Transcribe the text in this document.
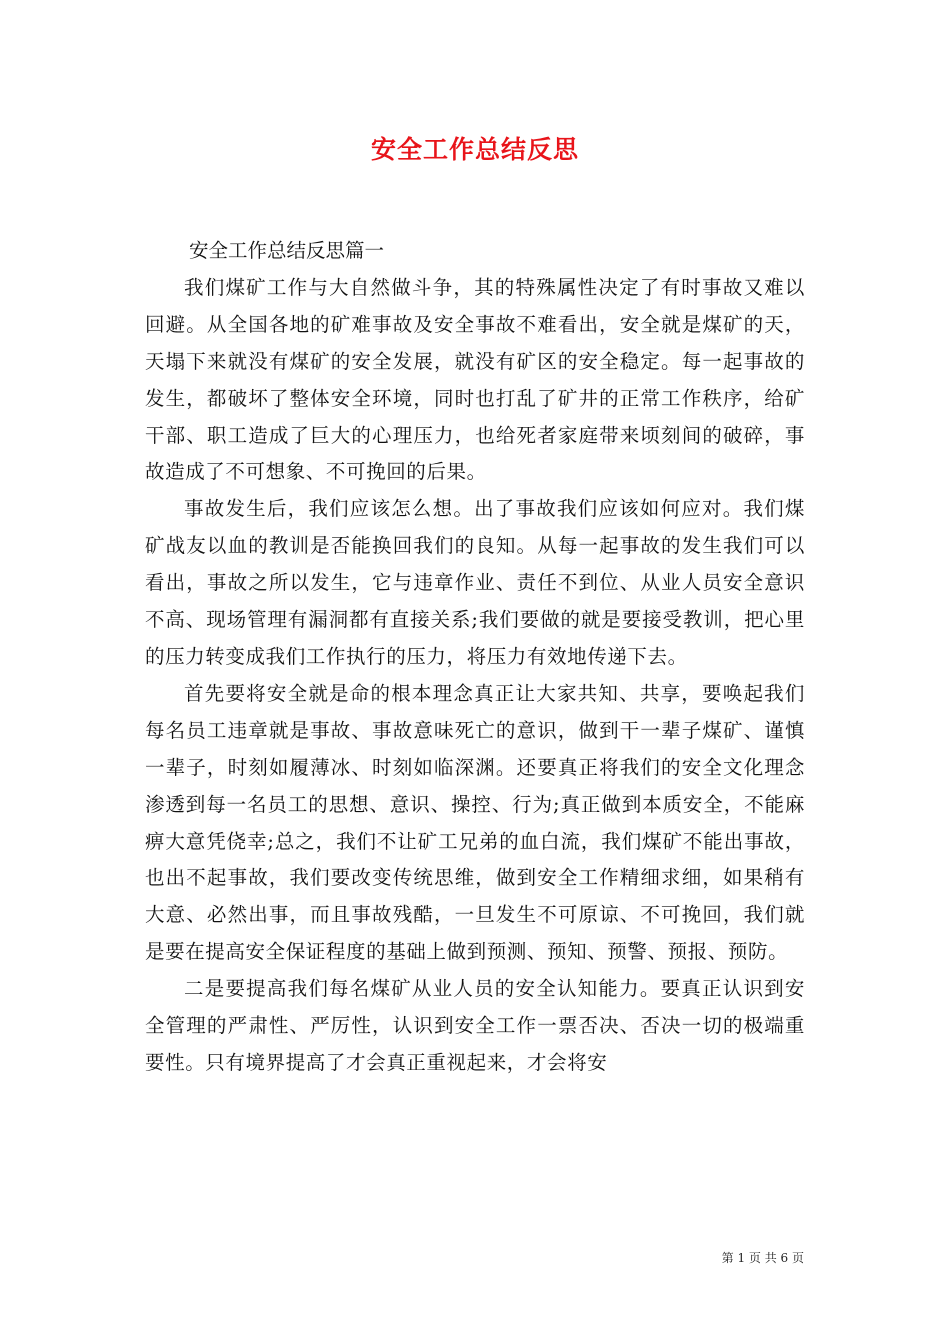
安全工作总结反思

安全工作总结反思篇一

我们煤矿工作与大自然做斗争，其的特殊属性决定了有时事故又难以回避。从全国各地的矿难事故及安全事故不难看出，安全就是煤矿的天，天塌下来就没有煤矿的安全发展，就没有矿区的安全稳定。每一起事故的发生，都破坏了整体安全环境，同时也打乱了矿井的正常工作秩序，给矿干部、职工造成了巨大的心理压力，也给死者家庭带来顷刻间的破碎，事故造成了不可想象、不可挽回的后果。

事故发生后，我们应该怎么想。出了事故我们应该如何应对。我们煤矿战友以血的教训是否能换回我们的良知。从每一起事故的发生我们可以看出，事故之所以发生，它与违章作业、责任不到位、从业人员安全意识不高、现场管理有漏洞都有直接关系;我们要做的就是要接受教训，把心里的压力转变成我们工作执行的压力，将压力有效地传递下去。

首先要将安全就是命的根本理念真正让大家共知、共享，要唤起我们每名员工违章就是事故、事故意味死亡的意识，做到干一辈子煤矿、谨慎一辈子，时刻如履薄冰、时刻如临深渊。还要真正将我们的安全文化理念渗透到每一名员工的思想、意识、操控、行为;真正做到本质安全，不能麻痹大意凭侥幸;总之，我们不让矿工兄弟的血白流，我们煤矿不能出事故，也出不起事故，我们要改变传统思维，做到安全工作精细求细，如果稍有大意、必然出事，而且事故残酷，一旦发生不可原谅、不可挽回，我们就是要在提高安全保证程度的基础上做到预测、预知、预警、预报、预防。

二是要提高我们每名煤矿从业人员的安全认知能力。要真正认识到安全管理的严肃性、严厉性，认识到安全工作一票否决、否决一切的极端重要性。只有境界提高了才会真正重视起来，才会将安

第 1 页 共 6 页
